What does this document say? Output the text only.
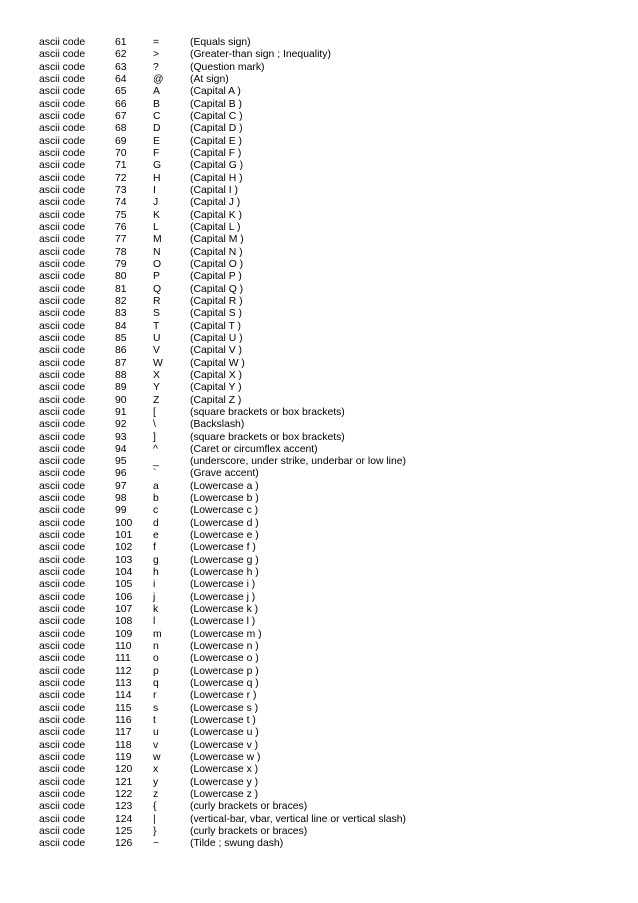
ascii code	61	=	(Equals sign)
ascii code	62	>	(Greater-than sign ; Inequality)
ascii code	63	?	(Question mark)
ascii code	64	@	(At sign)
ascii code	65	A	(Capital A )
ascii code	66	B	(Capital B )
ascii code	67	C	(Capital C )
ascii code	68	D	(Capital D )
ascii code	69	E	(Capital E )
ascii code	70	F	(Capital F )
ascii code	71	G	(Capital G )
ascii code	72	H	(Capital H )
ascii code	73	I	(Capital I )
ascii code	74	J	(Capital J )
ascii code	75	K	(Capital K )
ascii code	76	L	(Capital L )
ascii code	77	M	(Capital M )
ascii code	78	N	(Capital N )
ascii code	79	O	(Capital O )
ascii code	80	P	(Capital P )
ascii code	81	Q	(Capital Q )
ascii code	82	R	(Capital R )
ascii code	83	S	(Capital S )
ascii code	84	T	(Capital T )
ascii code	85	U	(Capital U )
ascii code	86	V	(Capital V )
ascii code	87	W	(Capital W )
ascii code	88	X	(Capital X )
ascii code	89	Y	(Capital Y )
ascii code	90	Z	(Capital Z )
ascii code	91	[	(square brackets or box brackets)
ascii code	92	\	(Backslash)
ascii code	93	]	(square brackets or box brackets)
ascii code	94	^	(Caret or circumflex accent)
ascii code	95	_	(underscore, under strike, underbar or low line)
ascii code	96	`	(Grave accent)
ascii code	97	a	(Lowercase a )
ascii code	98	b	(Lowercase b )
ascii code	99	c	(Lowercase c )
ascii code	100 d	(Lowercase d )
ascii code	101 e	(Lowercase e )
ascii code	102 f	(Lowercase f )
ascii code	103 g	(Lowercase g )
ascii code	104 h	(Lowercase h )
ascii code	105 i	(Lowercase i )
ascii code	106 j	(Lowercase j )
ascii code	107 k	(Lowercase k )
ascii code	108 l	(Lowercase l )
ascii code	109 m	(Lowercase m )
ascii code	110 n	(Lowercase n )
ascii code	111 o	(Lowercase o )
ascii code	112 p	(Lowercase p )
ascii code	113 q	(Lowercase q )
ascii code	114 r	(Lowercase r )
ascii code	115 s	(Lowercase s )
ascii code	116 t	(Lowercase t )
ascii code	117 u	(Lowercase u )
ascii code	118 v	(Lowercase v )
ascii code	119 w	(Lowercase w )
ascii code	120 x	(Lowercase x )
ascii code	121 y	(Lowercase y )
ascii code	122 z	(Lowercase z )
ascii code	123 {	(curly brackets or braces)
ascii code	124 |	(vertical-bar, vbar, vertical line or vertical slash)
ascii code	125 }	(curly brackets or braces)
ascii code	126 ~	(Tilde ; swung dash)
